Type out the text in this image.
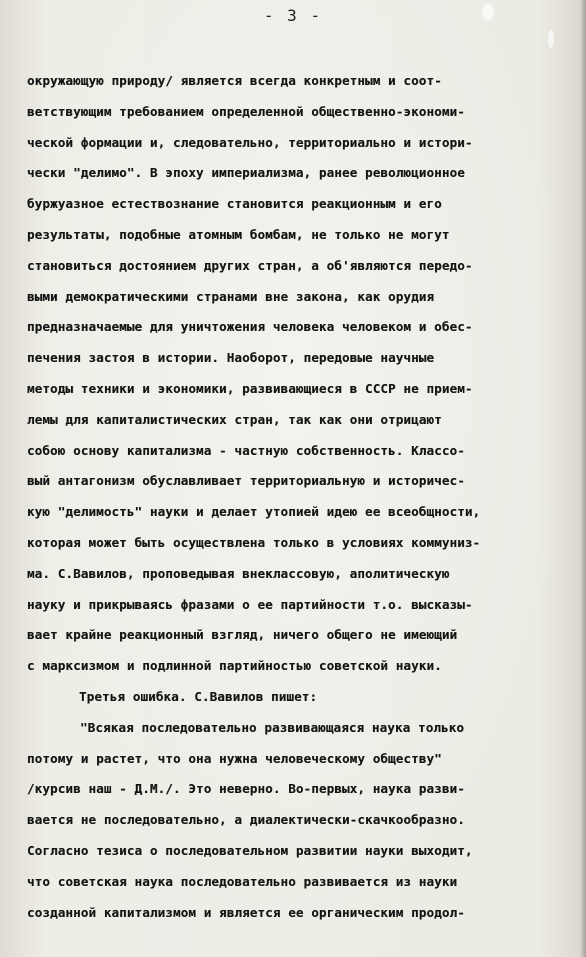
- 3 -
окружающую природу/ является всегда конкретным и соот-
ветствующим требованием определенной общественно-экономи-
ческой формации и, следовательно, территориально и истори-
чески "делимо". В эпоху империализма, ранее революционное
буржуазное естествознание становится реакционным и его
результаты, подобные атомным бомбам, не только не могут
становиться достоянием других стран, а об'являются передо-
выми демократическими странами вне закона, как орудия
предназначаемые для уничтожения человека человеком и обес-
печения застоя в истории. Наоборот, передовые научные
методы техники и экономики, развивающиеся в СССР не прием-
лемы для капиталистических стран, так как они отрицают
собою основу капитализма - частную собственность. Классо-
вый антагонизм обуславливает территориальную и историчес-
кую "делимость" науки и делает утопией идею ее всеобщности,
которая может быть осуществлена только в условиях коммуниз-
ма. С.Вавилов, проповедывая внеклассовую, аполитическую
науку и прикрываясь фразами о ее партийности т.о. высказы-
вает крайне реакционный взгляд, ничего общего не имеющий
с марксизмом и подлинной партийностью советской науки.
Третья ошибка. С.Вавилов пишет:
"Всякая последовательно развивающаяся наука только
потому и растет, что она нужна человеческому обществу"
/курсив наш - Д.М./. Это неверно. Во-первых, наука разви-
вается не последовательно, а диалектически-скачкообразно.
Согласно тезиса о последовательном развитии науки выходит,
что советская наука последовательно развивается из науки
созданной капитализмом и является ее органическим продол-
